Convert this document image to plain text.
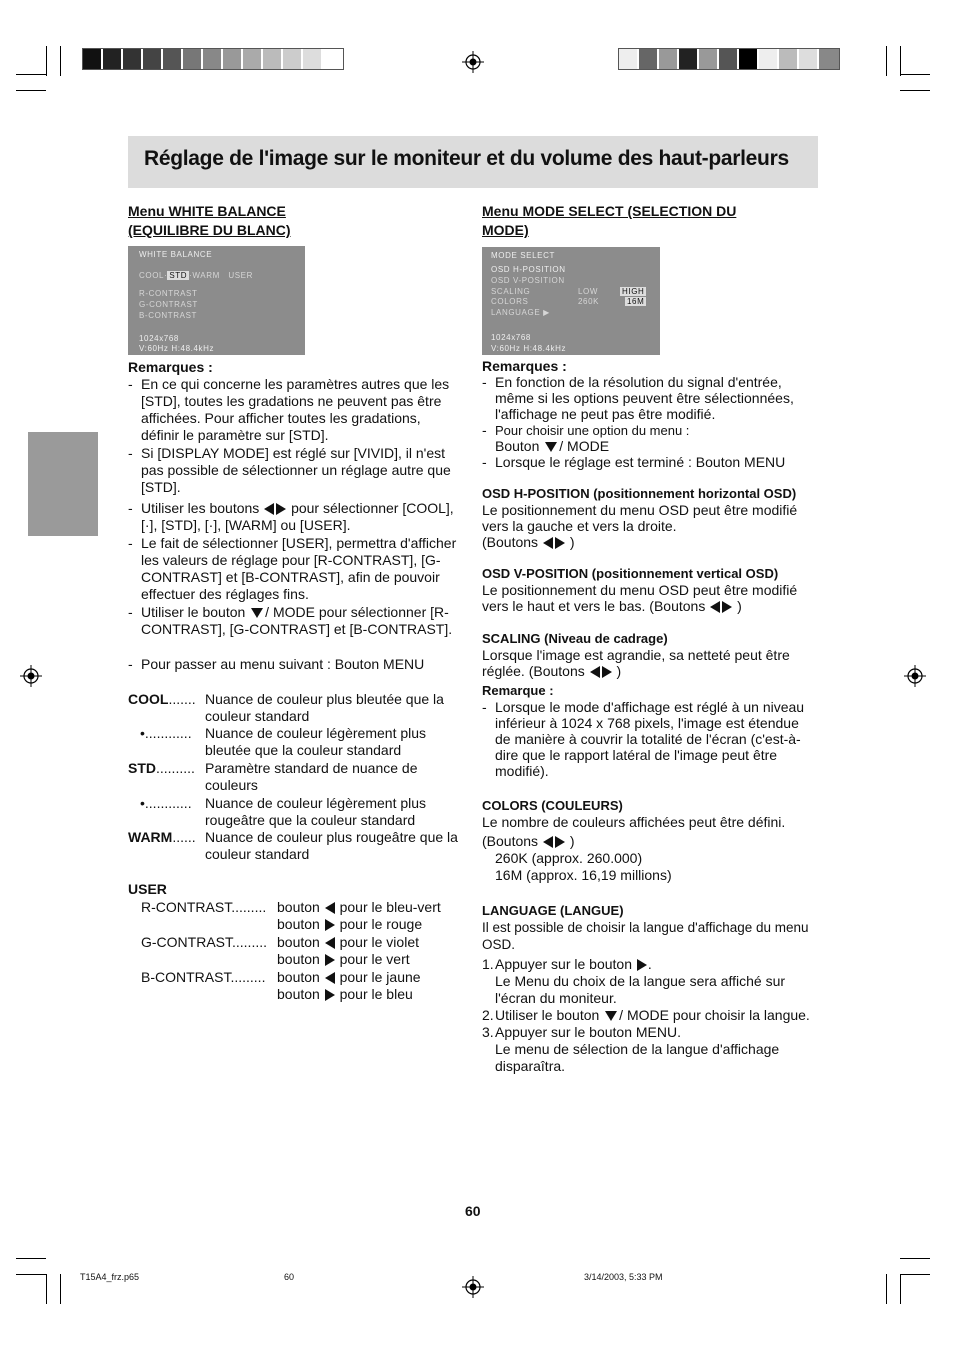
Réglage de l'image sur le moniteur et du volume des haut-parleurs
Menu WHITE BALANCE
(EQUILIBRE DU BLANC)
WHITE BALANCE
COOL· STD ·WARM USER
R-CONTRAST
G-CONTRAST
B-CONTRAST
1024x768
V:60Hz H:48.4kHz
Remarques :
- En ce qui concerne les paramètres autres que les [STD], toutes les gradations ne peuvent pas être affichées. Pour afficher toutes les gradations, définir le paramètre sur [STD].
- Si [DISPLAY MODE] est réglé sur [VIVID], il n'est pas possible de sélectionner un réglage autre que [STD].
- Utiliser les boutons pour sélectionner [COOL], [·], [STD], [·], [WARM] ou [USER].
- Le fait de sélectionner [USER], permettra d'afficher les valeurs de réglage pour [R-CONTRAST], [G-CONTRAST] et [B-CONTRAST], afin de pouvoir effectuer des réglages fins.
- Utiliser le bouton / MODE pour sélectionner [R-CONTRAST], [G-CONTRAST] et [B-CONTRAST].
- Pour passer au menu suivant : Bouton MENU
COOL....... Nuance de couleur plus bleutée que la couleur standard
•............ Nuance de couleur légèrement plus bleutée que la couleur standard
STD.......... Paramètre standard de nuance de couleurs
•............ Nuance de couleur légèrement plus rougeâtre que la couleur standard
WARM...... Nuance de couleur plus rougeâtre que la couleur standard
USER
R-CONTRAST......... bouton pour le bleu-vert
bouton pour le rouge
G-CONTRAST......... bouton pour le violet
bouton pour le vert
B-CONTRAST......... bouton pour le jaune
bouton pour le bleu
Menu MODE SELECT (SELECTION DU
MODE)
MODE SELECT
OSD H-POSITION
OSD V-POSITION
SCALING	LOW	HIGH
COLORS	260K	16M
LANGUAGE ▶
1024x768
V:60Hz H:48.4kHz
Remarques :
- En fonction de la résolution du signal d'entrée, même si les options peuvent être sélectionnées, l'affichage ne peut pas être modifié.
- Pour choisir une option du menu :
Bouton / MODE
- Lorsque le réglage est terminé : Bouton MENU
OSD H-POSITION (positionnement horizontal OSD)
Le positionnement du menu OSD peut être modifié vers la gauche et vers la droite.
(Boutons )
OSD V-POSITION (positionnement vertical OSD)
Le positionnement du menu OSD peut être modifié vers le haut et vers le bas. (Boutons )
SCALING (Niveau de cadrage)
Lorsque l'image est agrandie, sa netteté peut être réglée. (Boutons )
Remarque :
- Lorsque le mode d'affichage est réglé à un niveau inférieur à 1024 x 768 pixels, l'image est étendue de manière à couvrir la totalité de l'écran (c'est-à-dire que le rapport latéral de l'image peut être modifié).
COLORS (COULEURS)
Le nombre de couleurs affichées peut être défini.
(Boutons )
260K (approx. 260.000)
16M (approx. 16,19 millions)
LANGUAGE (LANGUE)
Il est possible de choisir la langue d'affichage du menu OSD.
1. Appuyer sur le bouton .
Le Menu du choix de la langue sera affiché sur l'écran du moniteur.
2. Utiliser le bouton / MODE pour choisir la langue.
3. Appuyer sur le bouton MENU.
Le menu de sélection de la langue d'affichage disparaîtra.
60
T15A4_frz.p65	60	3/14/2003, 5:33 PM
